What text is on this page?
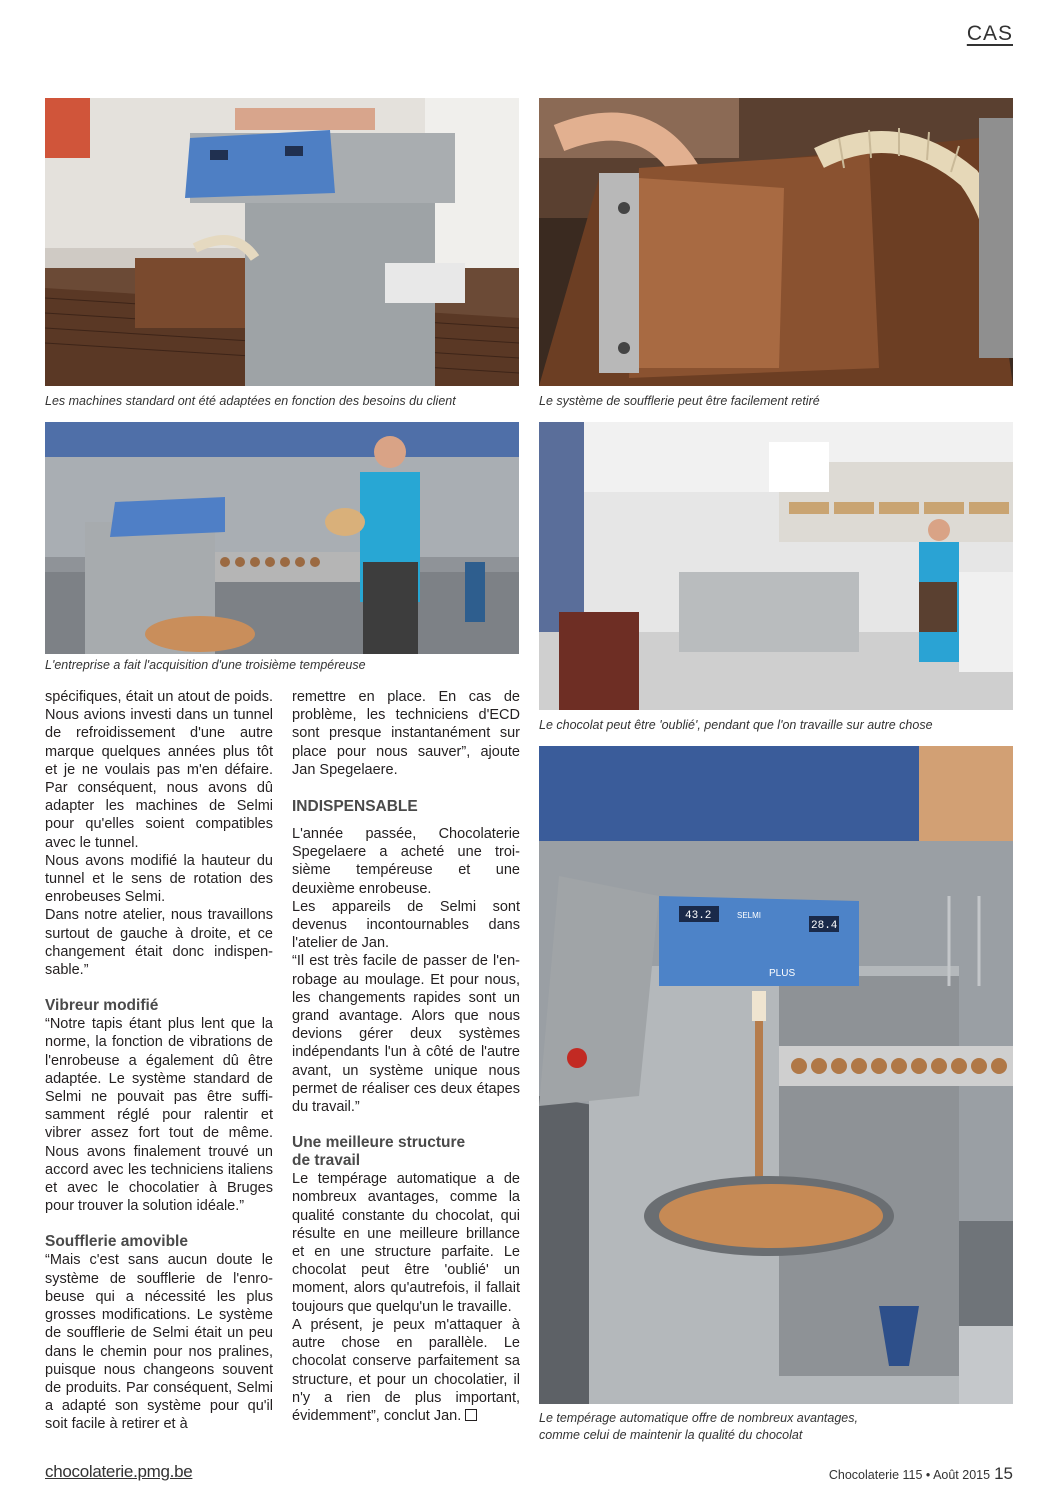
CAS
Les machines standard ont été adaptées en fonction des besoins du client	Le système de soufflerie peut être facilement retiré
L'entreprise a fait l'acquisition d'une troisième tempéreuse
Le chocolat peut être 'oublié', pendant que l'on travaille sur autre chose
43.2
28.4
SELMI
PLUS
Le tempérage automatique offre de nombreux avantages,
comme celui de maintenir la qualité du chocolat

spécifiques, était un atout de poids. Nous avions investi dans un tunnel de refroidissement d'une autre marque quelques années plus tôt et je ne voulais pas m'en défaire. Par conséquent, nous avons dû adapter les machines de Selmi pour qu'elles soient compatibles avec le tunnel.

Nous avons modifié la hauteur du tunnel et le sens de rotation des enrobeuses Selmi.

Dans notre atelier, nous travaillons surtout de gauche à droite, et ce changement était donc indispen-sable.”

Vibreur modifié

“Notre tapis étant plus lent que la norme, la fonction de vibrations de l'enrobeuse a également dû être adaptée. Le système standard de Selmi ne pouvait pas être suffi-samment réglé pour ralentir et vibrer assez fort tout de même. Nous avons finalement trouvé un accord avec les techniciens italiens et avec le chocolatier à Bruges pour trouver la solution idéale.”

Soufflerie amovible

“Mais c'est sans aucun doute le système de soufflerie de l'enro-beuse qui a nécessité les plus grosses modifications. Le système de soufflerie de Selmi était un peu dans le chemin pour nos pralines, puisque nous changeons souvent de produits. Par conséquent, Selmi a adapté son système pour qu'il soit facile à retirer et à

remettre en place. En cas de problème, les techniciens d'ECD sont presque instantanément sur place pour nous sauver”, ajoute Jan Spegelaere.

INDISPENSABLE

L'année passée, Chocolaterie Spegelaere a acheté une troi-sième tempéreuse et une deuxième enrobeuse.

Les appareils de Selmi sont devenus incontournables dans l'atelier de Jan.

“Il est très facile de passer de l'en-robage au moulage. Et pour nous, les changements rapides sont un grand avantage. Alors que nous devions gérer deux systèmes indépendants l'un à côté de l'autre avant, un système unique nous permet de réaliser ces deux étapes du travail.”

Une meilleure structure
de travail

Le tempérage automatique a de nombreux avantages, comme la qualité constante du chocolat, qui résulte en une meilleure brillance et en une structure parfaite. Le chocolat peut être 'oublié' un moment, alors qu'autrefois, il fallait toujours que quelqu'un le travaille.

A présent, je peux m'attaquer à autre chose en parallèle. Le chocolat conserve parfaitement sa structure, et pour un chocolatier, il n'y a rien de plus important, évidemment”, conclut Jan.

chocolaterie.pmg.be	Chocolaterie 115 • Août 2015 15
